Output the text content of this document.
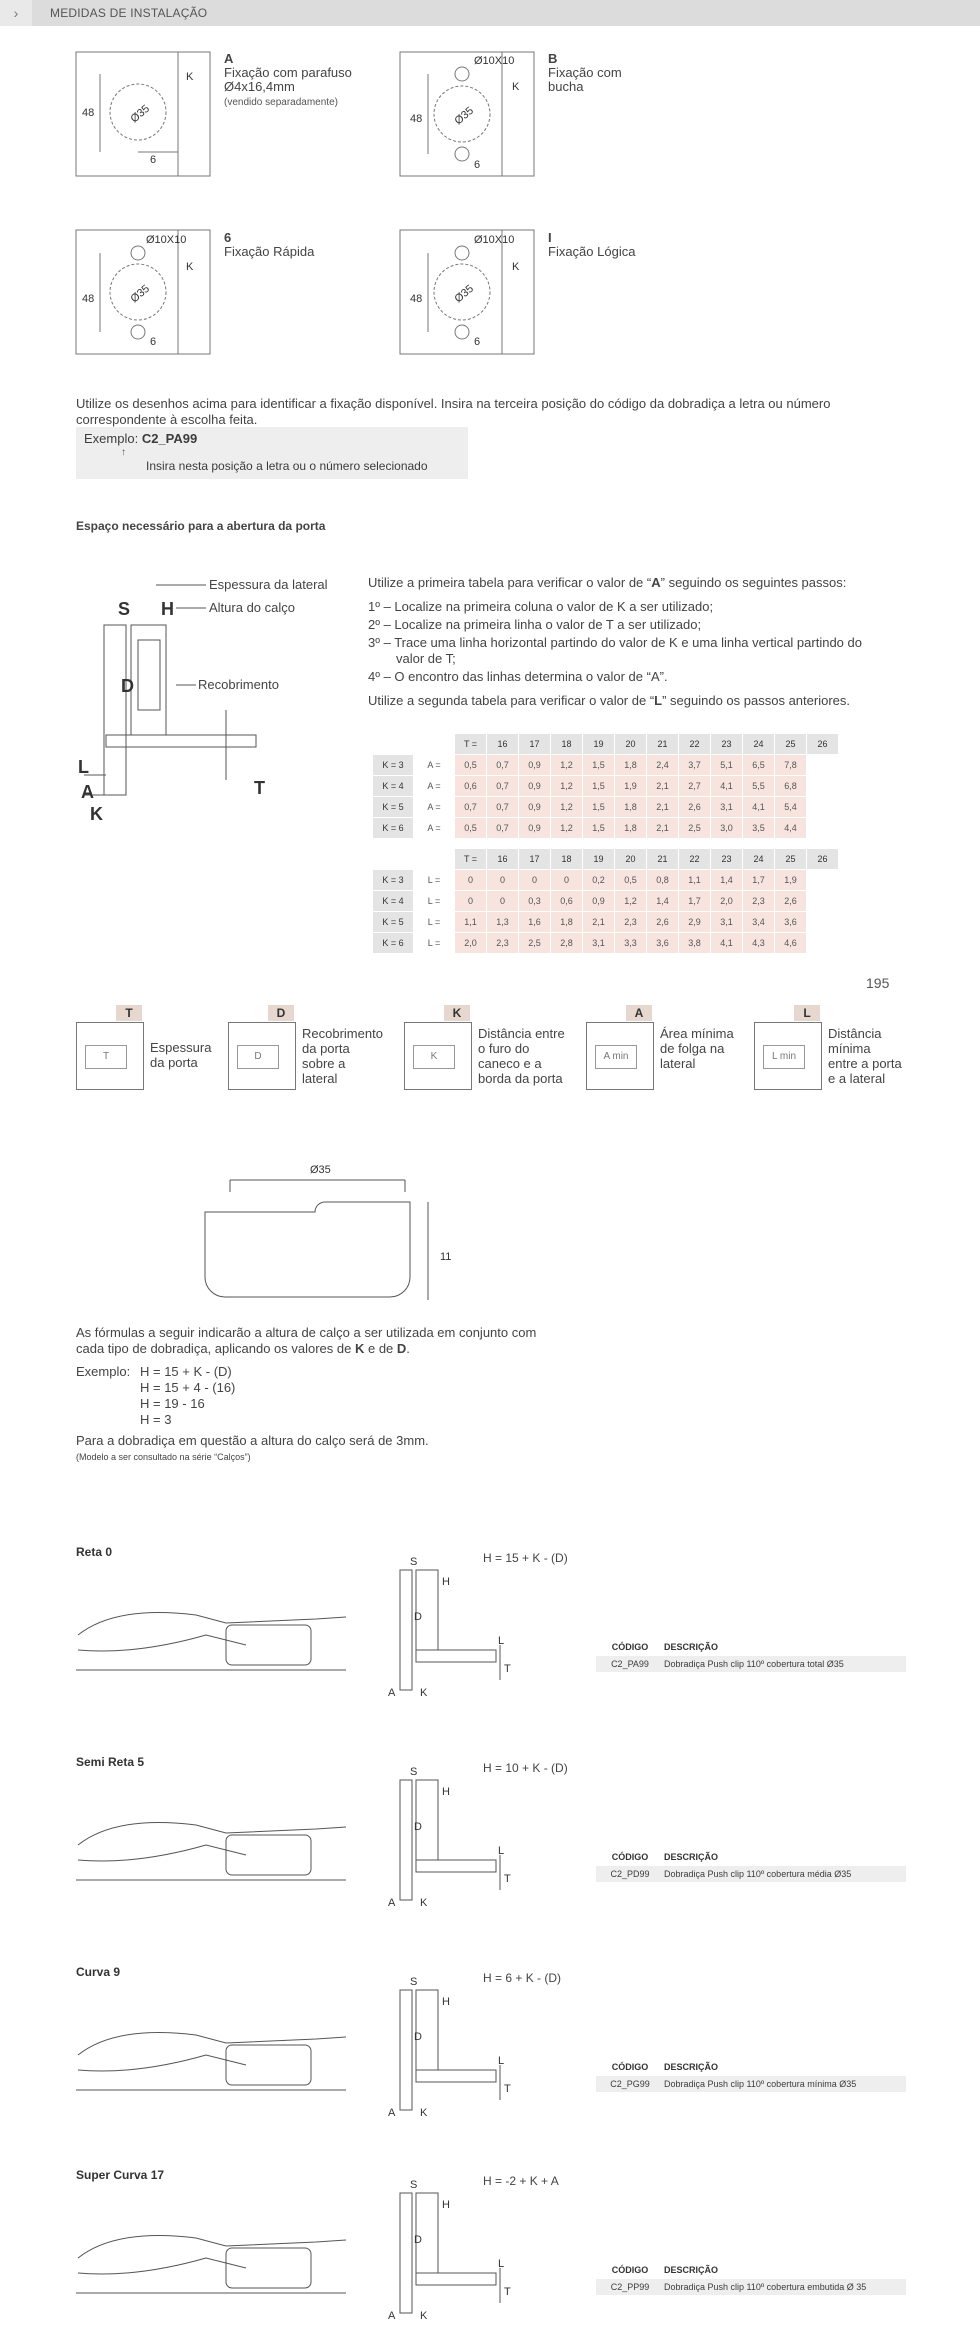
›	MEDIDAS DE INSTALAÇÃO
48	Ø35
6
K
48	Ø35
6
K
Ø10X10
48	Ø35
6
K
Ø10X10
48	Ø35
6
K
Ø10X10
A
Fixação com parafuso
Ø4x16,4mm
(vendido separadamente)
B
Fixação com
bucha
6
Fixação Rápida
I
Fixação Lógica
Utilize os desenhos acima para identificar a fixação disponível. Insira na terceira posição do código da dobradiça a letra ou número correspondente à escolha feita.
Exemplo: C2_PA99
↑
Insira nesta posição a letra ou o número selecionado
Espaço necessário para a abertura da porta
S H
D
L
A
K
T
Espessura da lateral
Altura do calço
Recobrimento
Utilize a primeira tabela para verificar o valor de “A” seguindo os seguintes passos:
1º – Localize na primeira coluna o valor de K a ser utilizado;
2º – Localize na primeira linha o valor de T a ser utilizado;
3º – Trace uma linha horizontal partindo do valor de K e uma linha vertical partindo do
valor de T;
4º – O encontro das linhas determina o valor de “A”.
Utilize a segunda tabela para verificar o valor de “L” seguindo os passos anteriores.
		T =	16	17	18	19	20	21	22	23	24	25	26
K = 3	A =	0,5	0,7	0,9	1,2	1,5	1,8	2,4	3,7	5,1	6,5	7,8	
K = 4	A =	0,6	0,7	0,9	1,2	1,5	1,9	2,1	2,7	4,1	5,5	6,8	
K = 5	A =	0,7	0,7	0,9	1,2	1,5	1,8	2,1	2,6	3,1	4,1	5,4	
K = 6	A =	0,5	0,7	0,9	1,2	1,5	1,8	2,1	2,5	3,0	3,5	4,4	
		T =	16	17	18	19	20	21	22	23	24	25	26
K = 3	L =	0	0	0	0	0,2	0,5	0,8	1,1	1,4	1,7	1,9	
K = 4	L =	0	0	0,3	0,6	0,9	1,2	1,4	1,7	2,0	2,3	2,6	
K = 5	L =	1,1	1,3	1,6	1,8	2,1	2,3	2,6	2,9	3,1	3,4	3,6	
K = 6	L =	2,0	2,3	2,5	2,8	3,1	3,3	3,6	3,8	4,1	4,3	4,6	
195
T
T
Espessura
da porta
D
D
Recobrimento
da porta
sobre a
lateral
K
K
Distância entre
o furo do
caneco e a
borda da porta
A
A min
Área mínima
de folga na
lateral
L
L min
Distância
mínima
entre a porta
e a lateral
Ø35
11
As fórmulas a seguir indicarão a altura de calço a ser utilizada em conjunto com
cada tipo de dobradiça, aplicando os valores de K e de D.
Exemplo: H = 15 + K - (D)
H = 15 + 4 - (16)
H = 19 - 16
H = 3
Para a dobradiça em questão a altura do calço será de 3mm.
(Modelo a ser consultado na série “Calços”)
Reta 0
S
H
D
L
T
A K
H = 15 + K - (D)
CÓDIGO	DESCRIÇÃO
C2_PA99	Dobradiça Push clip 110º cobertura total Ø35
Semi Reta 5
S
H
D
L
T
A K
H = 10 + K - (D)
CÓDIGO	DESCRIÇÃO
C2_PD99	Dobradiça Push clip 110º cobertura média Ø35
Curva 9
S
H
D
L
T
A K
H = 6 + K - (D)
CÓDIGO	DESCRIÇÃO
C2_PG99	Dobradiça Push clip 110º cobertura mínima Ø35
Super Curva 17
S
H
D
L
T
A K
H = -2 + K + A
CÓDIGO	DESCRIÇÃO
C2_PP99	Dobradiça Push clip 110º cobertura embutida Ø 35
